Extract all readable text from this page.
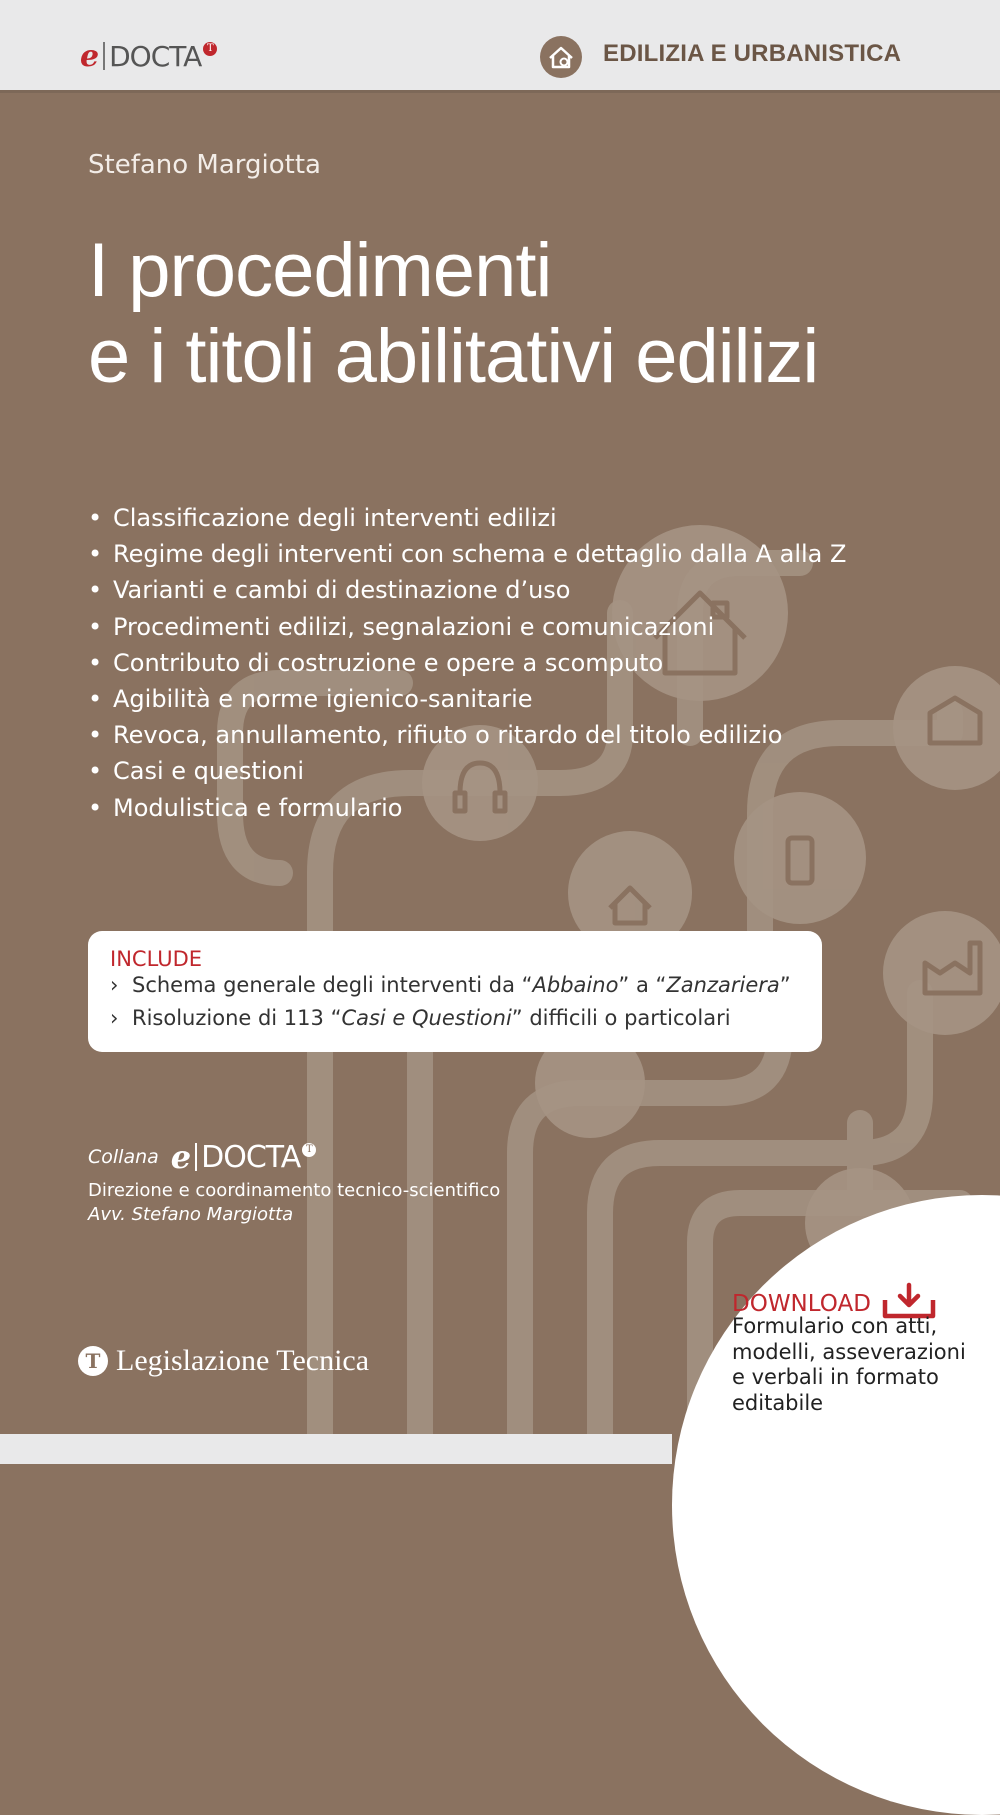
e DOCTA T	EDILIZIA E URBANISTICA
Stefano Margiotta
I procedimenti
e i titoli abilitativi edilizi
• Classificazione degli interventi edilizi
• Regime degli interventi con schema e dettaglio dalla A alla Z
• Varianti e cambi di destinazione d’uso
• Procedimenti edilizi, segnalazioni e comunicazioni
• Contributo di costruzione e opere a scomputo
• Agibilità e norme igienico-sanitarie
• Revoca, annullamento, rifiuto o ritardo del titolo edilizio
• Casi e questioni
• Modulistica e formulario
INCLUDE
› Schema generale degli interventi da “Abbaino” a “Zanzariera”
› Risoluzione di 113 “Casi e Questioni” difficili o particolari
Collana e DOCTA T
Direzione e coordinamento tecnico-scientifico
Avv. Stefano Margiotta
T Legislazione Tecnica
DOWNLOAD
Formulario con atti,
modelli, asseverazioni
e verbali in formato
editabile
